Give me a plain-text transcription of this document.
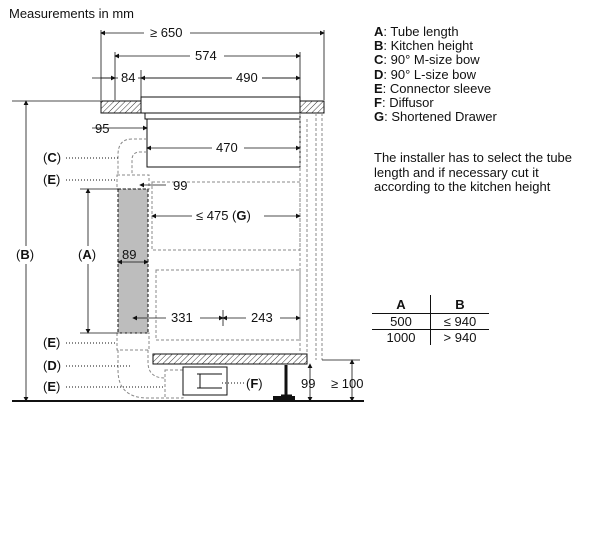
Measurements in mm
A: Tube length
B: Kitchen height
C: 90° M-size bow
D: 90° L-size bow
E: Connector sleeve
F: Diffusor
G: Shortened Drawer
The installer has to select the tube
length and if necessary cut it
according to the kitchen height
A	B
500	≤ 940
1000	> 940
≥ 650
574
84	490
95
470
99
≤ 475 (G)
89
331	243
99 ≥ 100
(C)
(E)
(B)	(A)
(E)
(D)
(E)	(F)
